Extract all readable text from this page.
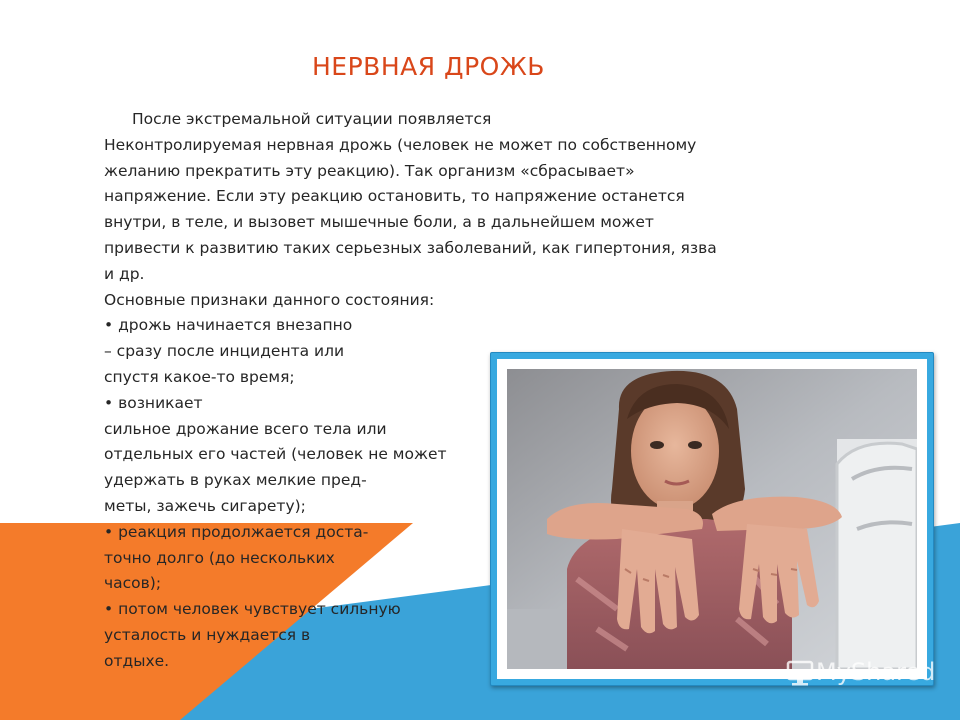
НЕРВНАЯ ДРОЖЬ
После экстремальной ситуации появляется
Неконтролируемая нервная дрожь (человек не может по собственному
желанию прекратить эту реакцию). Так организм «сбрасывает»
напряжение. Если эту реакцию остановить, то напряжение останется
внутри, в теле, и вызовет мышечные боли, а в дальнейшем может
привести к развитию таких серьезных заболеваний, как гипертония, язва
и др.
Основные признаки данного состояния:
• дрожь начинается внезапно
– сразу после инцидента или
спустя какое-то время;
• возникает
сильное дрожание всего тела или
отдельных его частей (человек не может
удержать в руках мелкие пред-
меты, зажечь сигарету);
• реакция продолжается доста-
точно долго (до нескольких
часов);
• потом человек чувствует сильную
усталость и нуждается в
отдыхе.	MyShared
